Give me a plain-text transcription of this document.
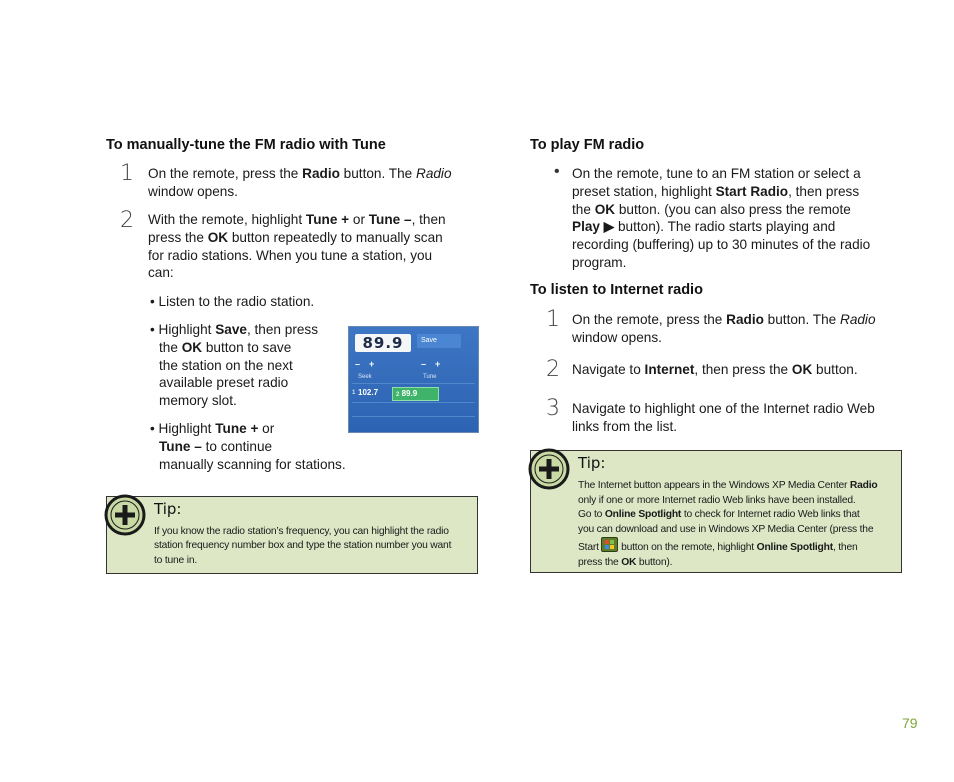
To manually-tune the FM radio with Tune
1 On the remote, press the Radio button. The Radio
window opens.
2 With the remote, highlight Tune + or Tune –, then
press the OK button repeatedly to manually scan
for radio stations. When you tune a station, you
can:
• Listen to the radio station.
• Highlight Save, then press
the OK button to save
the station on the next
available preset radio
memory slot.
• Highlight Tune + or
Tune – to continue
manually scanning for stations.
89.9	Save
– +	– +
Seek	Tune
1 102.7	2 89.9
Tip:
If you know the radio station’s frequency, you can highlight the radio
station frequency number box and type the station number you want
to tune in.
To play FM radio
• On the remote, tune to an FM station or select a
preset station, highlight Start Radio, then press
the OK button. (you can also press the remote
Play ▶ button). The radio starts playing and
recording (buffering) up to 30 minutes of the radio
program.
To listen to Internet radio
1 On the remote, press the Radio button. The Radio
window opens.
2 Navigate to Internet, then press the OK button.
3 Navigate to highlight one of the Internet radio Web
links from the list.
Tip:
The Internet button appears in the Windows XP Media Center Radio
only if one or more Internet radio Web links have been installed.
Go to Online Spotlight to check for Internet radio Web links that
you can download and use in Windows XP Media Center (press the
Start
button on the remote, highlight Online Spotlight, then
press the OK button).
79
